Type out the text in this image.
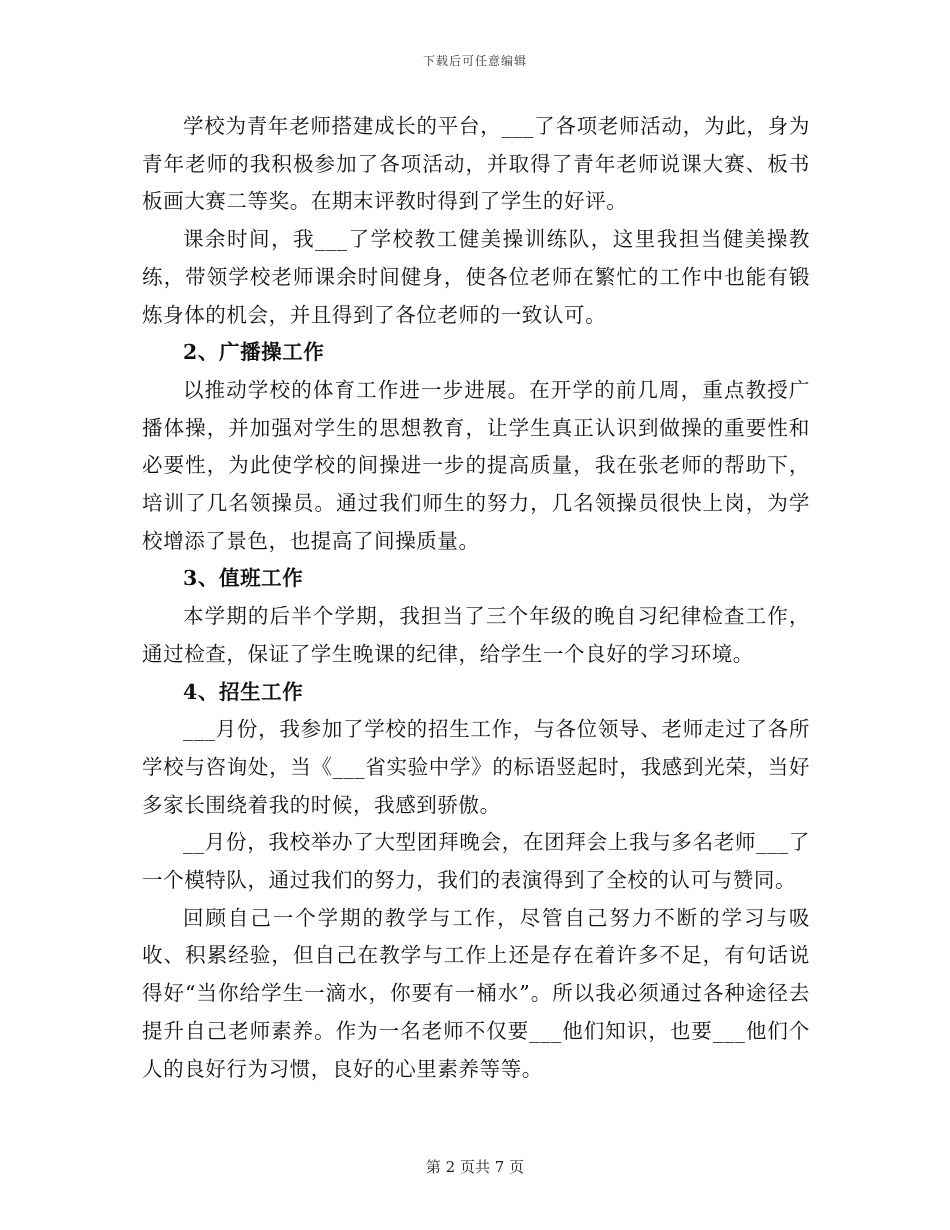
下载后可任意编辑

学校为青年老师搭建成长的平台，___了各项老师活动，为此，身为青年老师的我积极参加了各项活动，并取得了青年老师说课大赛、板书板画大赛二等奖。在期末评教时得到了学生的好评。

课余时间，我___了学校教工健美操训练队，这里我担当健美操教练，带领学校老师课余时间健身，使各位老师在繁忙的工作中也能有锻炼身体的机会，并且得到了各位老师的一致认可。

2、广播操工作

以推动学校的体育工作进一步进展。在开学的前几周，重点教授广播体操，并加强对学生的思想教育，让学生真正认识到做操的重要性和必要性，为此使学校的间操进一步的提高质量，我在张老师的帮助下，培训了几名领操员。通过我们师生的努力，几名领操员很快上岗，为学校增添了景色，也提高了间操质量。

3、值班工作

本学期的后半个学期，我担当了三个年级的晚自习纪律检查工作，通过检查，保证了学生晚课的纪律，给学生一个良好的学习环境。

4、招生工作

___月份，我参加了学校的招生工作，与各位领导、老师走过了各所学校与咨询处，当《___省实验中学》的标语竖起时，我感到光荣，当好多家长围绕着我的时候，我感到骄傲。

__月份，我校举办了大型团拜晚会，在团拜会上我与多名老师___了一个模特队，通过我们的努力，我们的表演得到了全校的认可与赞同。

回顾自己一个学期的教学与工作，尽管自己努力不断的学习与吸收、积累经验，但自己在教学与工作上还是存在着许多不足，有句话说得好“当你给学生一滴水，你要有一桶水”。所以我必须通过各种途径去提升自己老师素养。作为一名老师不仅要___他们知识，也要___他们个人的良好行为习惯，良好的心里素养等等。

第 2 页共 7 页
